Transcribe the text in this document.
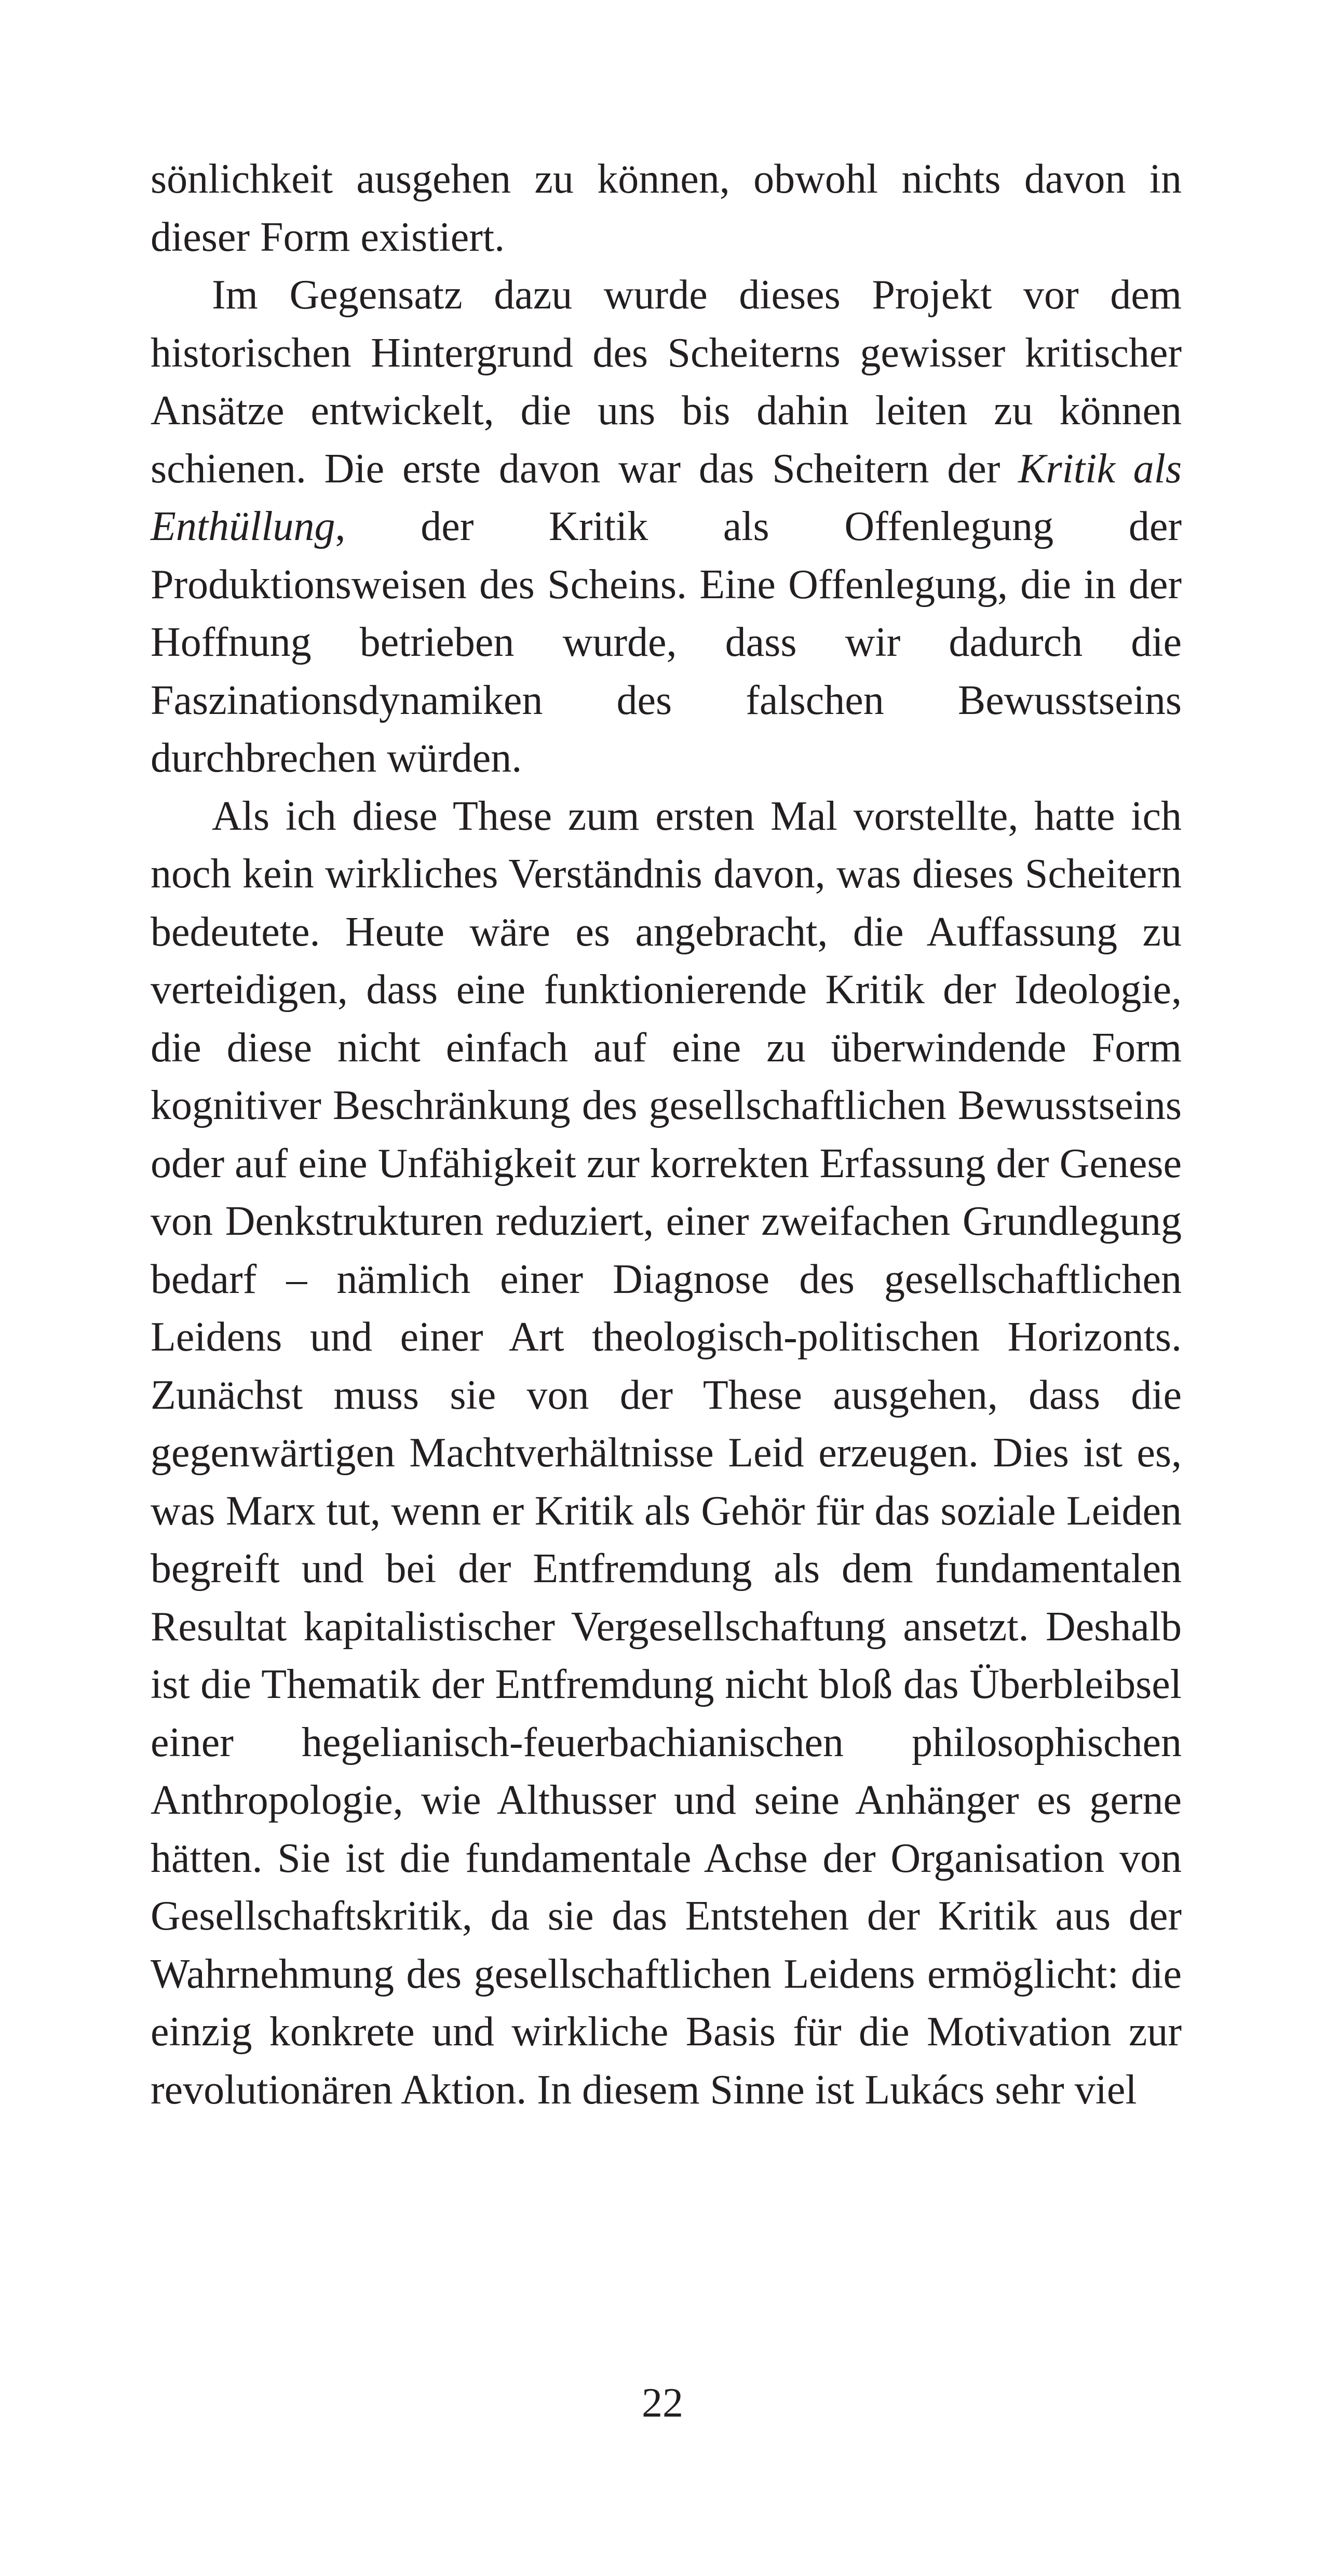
sönlichkeit ausgehen zu können, obwohl nichts davon in dieser Form existiert.

Im Gegensatz dazu wurde dieses Projekt vor dem historischen Hintergrund des Scheiterns gewisser kritischer Ansätze entwickelt, die uns bis dahin leiten zu können schienen. Die erste davon war das Scheitern der Kritik als Enthüllung, der Kritik als Offenlegung der Produktionsweisen des Scheins. Eine Offenlegung, die in der Hoffnung betrieben wurde, dass wir dadurch die Faszinationsdynamiken des falschen Bewusstseins durchbrechen würden.

Als ich diese These zum ersten Mal vorstellte, hatte ich noch kein wirkliches Verständnis davon, was dieses Scheitern bedeutete. Heute wäre es angebracht, die Auffassung zu verteidigen, dass eine funktionierende Kritik der Ideologie, die diese nicht einfach auf eine zu überwindende Form kognitiver Beschränkung des gesellschaftlichen Bewusstseins oder auf eine Unfähigkeit zur korrekten Erfassung der Genese von Denkstrukturen reduziert, einer zweifachen Grundlegung bedarf – nämlich einer Diagnose des gesellschaftlichen Leidens und einer Art theologisch-politischen Horizonts. Zunächst muss sie von der These ausgehen, dass die gegenwärtigen Machtverhältnisse Leid erzeugen. Dies ist es, was Marx tut, wenn er Kritik als Gehör für das soziale Leiden begreift und bei der Entfremdung als dem fundamentalen Resultat kapitalistischer Vergesellschaftung ansetzt. Deshalb ist die Thematik der Entfremdung nicht bloß das Überbleibsel einer hegelianisch-feuerbachianischen philosophischen Anthropologie, wie Althusser und seine Anhänger es gerne hätten. Sie ist die fundamentale Achse der Organisation von Gesellschaftskritik, da sie das Entstehen der Kritik aus der Wahrnehmung des gesellschaftlichen Leidens ermöglicht: die einzig konkrete und wirkliche Basis für die Motivation zur revolutionären Aktion. In diesem Sinne ist Lukács sehr viel

22
